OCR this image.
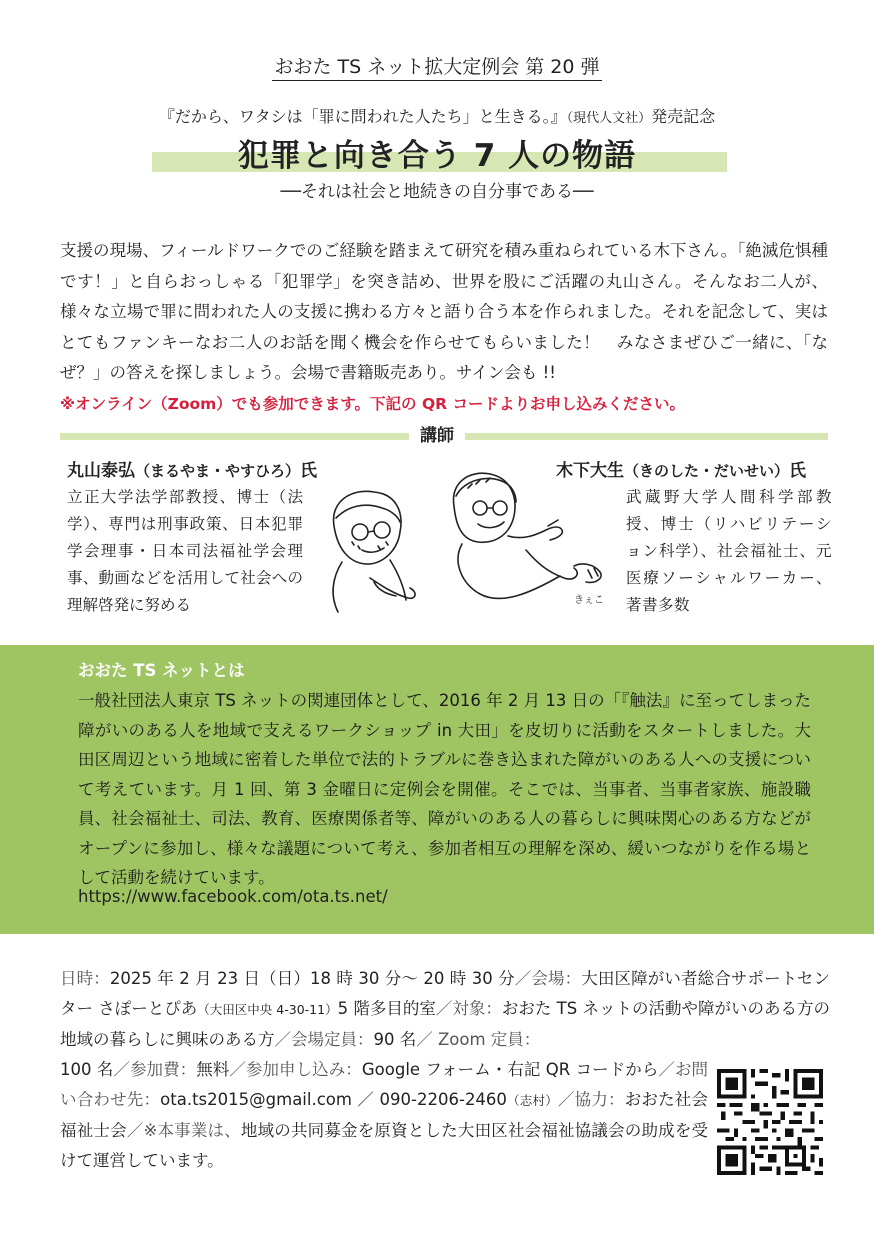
おおた TS ネット拡大定例会 第 20 弾
『だから、ワタシは「罪に問われた人たち」と生きる。』（現代人文社）発売記念
犯罪と向き合う 7 人の物語
──それは社会と地続きの自分事である──
支援の現場、フィールドワークでのご経験を踏まえて研究を積み重ねられている木下さん。「絶滅危惧種です！」と自らおっしゃる「犯罪学」を突き詰め、世界を股にご活躍の丸山さん。そんなお二人が、様々な立場で罪に問われた人の支援に携わる方々と語り合う本を作られました。それを記念して、実はとてもファンキーなお二人のお話を聞く機会を作らせてもらいました！　みなさまぜひご一緒に、「なぜ？」の答えを探しましょう。会場で書籍販売あり。サイン会も !!
※オンライン（Zoom）でも参加できます。下記の QR コードよりお申し込みください。
講師
丸山泰弘（まるやま・やすひろ）氏
立正大学法学部教授、博士（法学）、専門は刑事政策、日本犯罪学会理事・日本司法福祉学会理事、動画などを活用して社会への理解啓発に努める
木下大生（きのした・だいせい）氏
武蔵野大学人間科学部教授、博士（リハビリテーション科学）、社会福祉士、元医療ソーシャルワーカー、著書多数
きぇこ
おおた TS ネットとは
一般社団法人東京 TS ネットの関連団体として、2016 年 2 月 13 日の「『触法』に至ってしまった障がいのある人を地域で支えるワークショップ in 大田」を皮切りに活動をスタートしました。大田区周辺という地域に密着した単位で法的トラブルに巻き込まれた障がいのある人への支援について考えています。月 1 回、第 3 金曜日に定例会を開催。そこでは、当事者、当事者家族、施設職員、社会福祉士、司法、教育、医療関係者等、障がいのある人の暮らしに興味関心のある方などがオープンに参加し、様々な議題について考え、参加者相互の理解を深め、緩いつながりを作る場として活動を続けています。
https://www.facebook.com/ota.ts.net/
日時：2025 年 2 月 23 日（日）18 時 30 分～ 20 時 30 分／会場：大田区障がい者総合サポートセンター さぽーとぴあ（大田区中央 4-30-11）5 階多目的室／対象：おおた TS ネットの活動や障がいのある方の地域の暮らしに興味のある方／会場定員：90 名／ Zoom 定員：
100 名／参加費：無料／参加申し込み：Google フォーム・右記 QR コードから／お問い合わせ先：ota.ts2015@gmail.com ／ 090-2206-2460（志村）／協力：おおた社会福祉士会／※本事業は、地域の共同募金を原資とした大田区社会福祉協議会の助成を受けて運営しています。
